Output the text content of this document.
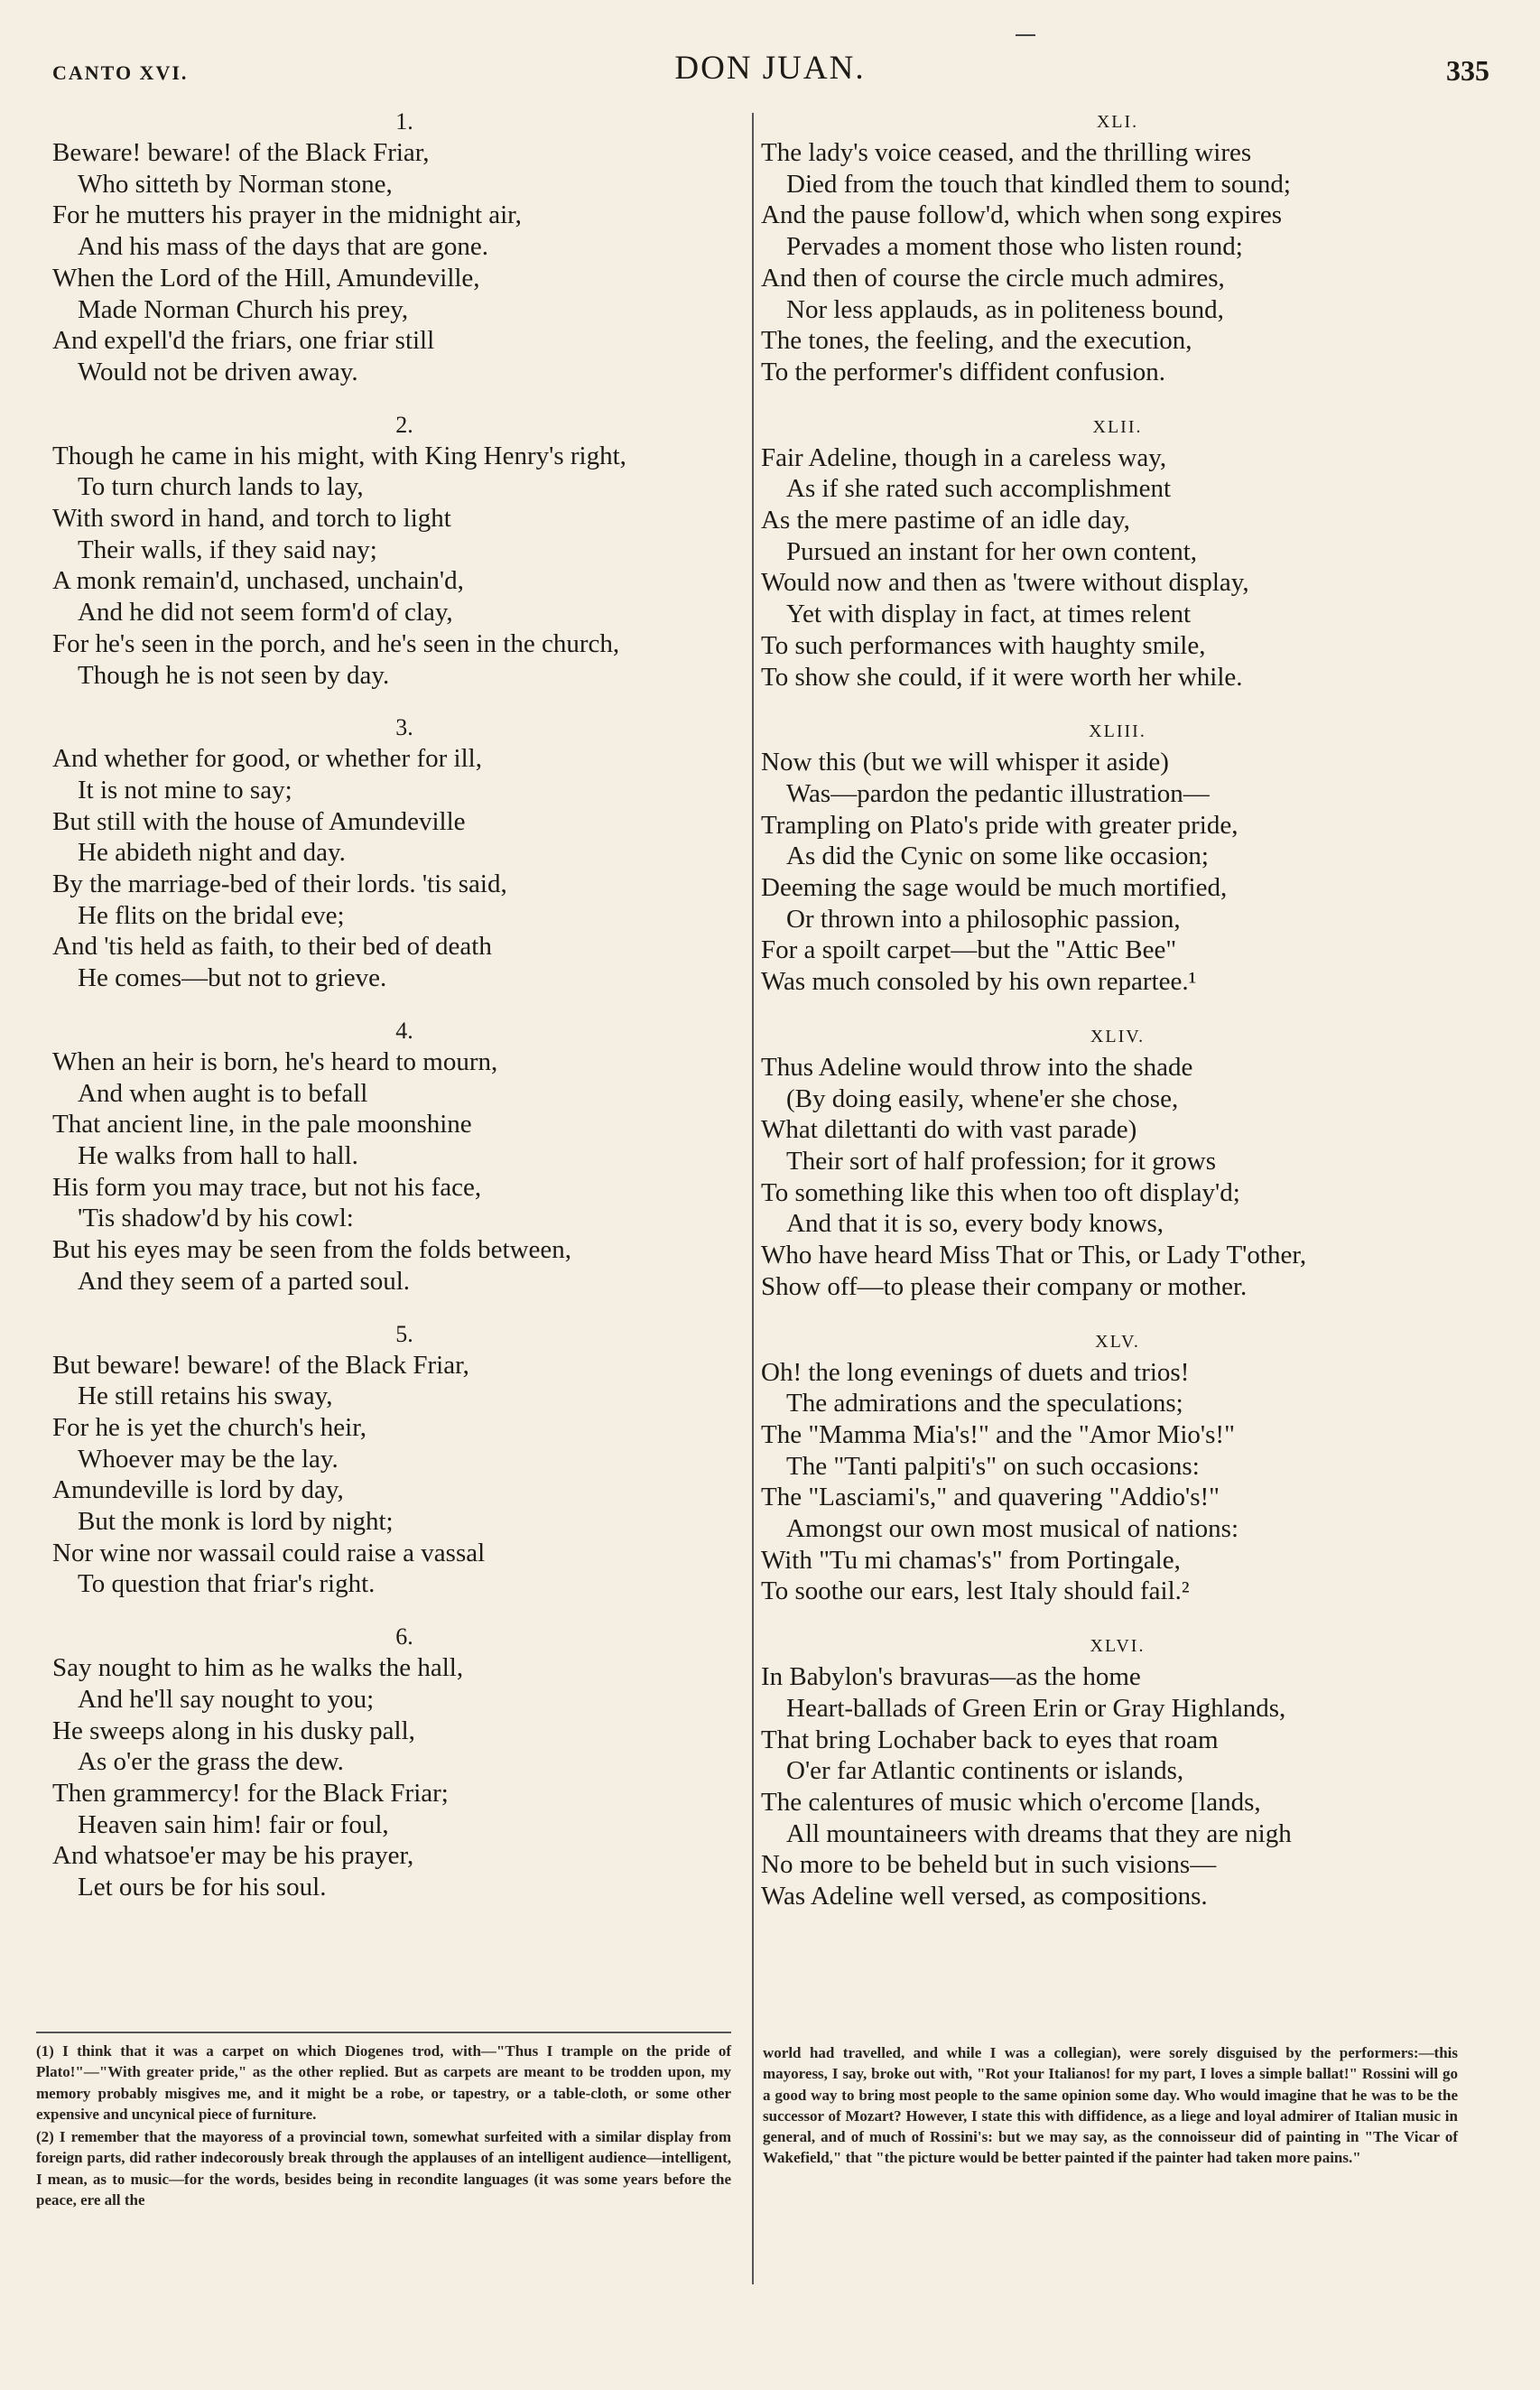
CANTO XVI.	DON JUAN.	335
1.
Beware! beware! of the Black Friar,
Who sitteth by Norman stone,
For he mutters his prayer in the midnight air,
And his mass of the days that are gone.
When the Lord of the Hill, Amundeville,
Made Norman Church his prey,
And expell'd the friars, one friar still
Would not be driven away.
2.
Though he came in his might, with King Henry's right,
To turn church lands to lay,
With sword in hand, and torch to light
Their walls, if they said nay;
A monk remain'd, unchased, unchain'd,
And he did not seem form'd of clay,
For he's seen in the porch, and he's seen in the church,
Though he is not seen by day.
3.
And whether for good, or whether for ill,
It is not mine to say;
But still with the house of Amundeville
He abideth night and day.
By the marriage-bed of their lords. 'tis said,
He flits on the bridal eve;
And 'tis held as faith, to their bed of death
He comes—but not to grieve.
4.
When an heir is born, he's heard to mourn,
And when aught is to befall
That ancient line, in the pale moonshine
He walks from hall to hall.
His form you may trace, but not his face,
'Tis shadow'd by his cowl:
But his eyes may be seen from the folds between,
And they seem of a parted soul.
5.
But beware! beware! of the Black Friar,
He still retains his sway,
For he is yet the church's heir,
Whoever may be the lay.
Amundeville is lord by day,
But the monk is lord by night;
Nor wine nor wassail could raise a vassal
To question that friar's right.
6.
Say nought to him as he walks the hall,
And he'll say nought to you;
He sweeps along in his dusky pall,
As o'er the grass the dew.
Then grammercy! for the Black Friar;
Heaven sain him! fair or foul,
And whatsoe'er may be his prayer,
Let ours be for his soul.
XLI.
The lady's voice ceased, and the thrilling wires
Died from the touch that kindled them to sound;
And the pause follow'd, which when song expires
Pervades a moment those who listen round;
And then of course the circle much admires,
Nor less applauds, as in politeness bound,
The tones, the feeling, and the execution,
To the performer's diffident confusion.
XLII.
Fair Adeline, though in a careless way,
As if she rated such accomplishment
As the mere pastime of an idle day,
Pursued an instant for her own content,
Would now and then as 'twere without display,
Yet with display in fact, at times relent
To such performances with haughty smile,
To show she could, if it were worth her while.
XLIII.
Now this (but we will whisper it aside)
Was—pardon the pedantic illustration—
Trampling on Plato's pride with greater pride,
As did the Cynic on some like occasion;
Deeming the sage would be much mortified,
Or thrown into a philosophic passion,
For a spoilt carpet—but the "Attic Bee"
Was much consoled by his own repartee.¹
XLIV.
Thus Adeline would throw into the shade
(By doing easily, whene'er she chose,
What dilettanti do with vast parade)
Their sort of half profession; for it grows
To something like this when too oft display'd;
And that it is so, every body knows,
Who have heard Miss That or This, or Lady T'other,
Show off—to please their company or mother.
XLV.
Oh! the long evenings of duets and trios!
The admirations and the speculations;
The "Mamma Mia's!" and the "Amor Mio's!"
The "Tanti palpiti's" on such occasions:
The "Lasciami's," and quavering "Addio's!"
Amongst our own most musical of nations:
With "Tu mi chamas's" from Portingale,
To soothe our ears, lest Italy should fail.²
XLVI.
In Babylon's bravuras—as the home
Heart-ballads of Green Erin or Gray Highlands,
That bring Lochaber back to eyes that roam
O'er far Atlantic continents or islands,
The calentures of music which o'ercome [lands,
All mountaineers with dreams that they are nigh
No more to be beheld but in such visions—
Was Adeline well versed, as compositions.

(1) I think that it was a carpet on which Diogenes trod, with—"Thus I trample on the pride of Plato!"—"With greater pride," as the other replied. But as carpets are meant to be trodden upon, my memory probably misgives me, and it might be a robe, or tapestry, or a table-cloth, or some other expensive and uncynical piece of furniture.

(2) I remember that the mayoress of a provincial town, somewhat surfeited with a similar display from foreign parts, did rather indecorously break through the applauses of an intelligent audience—intelligent, I mean, as to music—for the words, besides being in recondite languages (it was some years before the peace, ere all the

world had travelled, and while I was a collegian), were sorely disguised by the performers:—this mayoress, I say, broke out with, "Rot your Italianos! for my part, I loves a simple ballat!" Rossini will go a good way to bring most people to the same opinion some day. Who would imagine that he was to be the successor of Mozart? However, I state this with diffidence, as a liege and loyal admirer of Italian music in general, and of much of Rossini's: but we may say, as the connoisseur did of painting in "The Vicar of Wakefield," that "the picture would be better painted if the painter had taken more pains."
